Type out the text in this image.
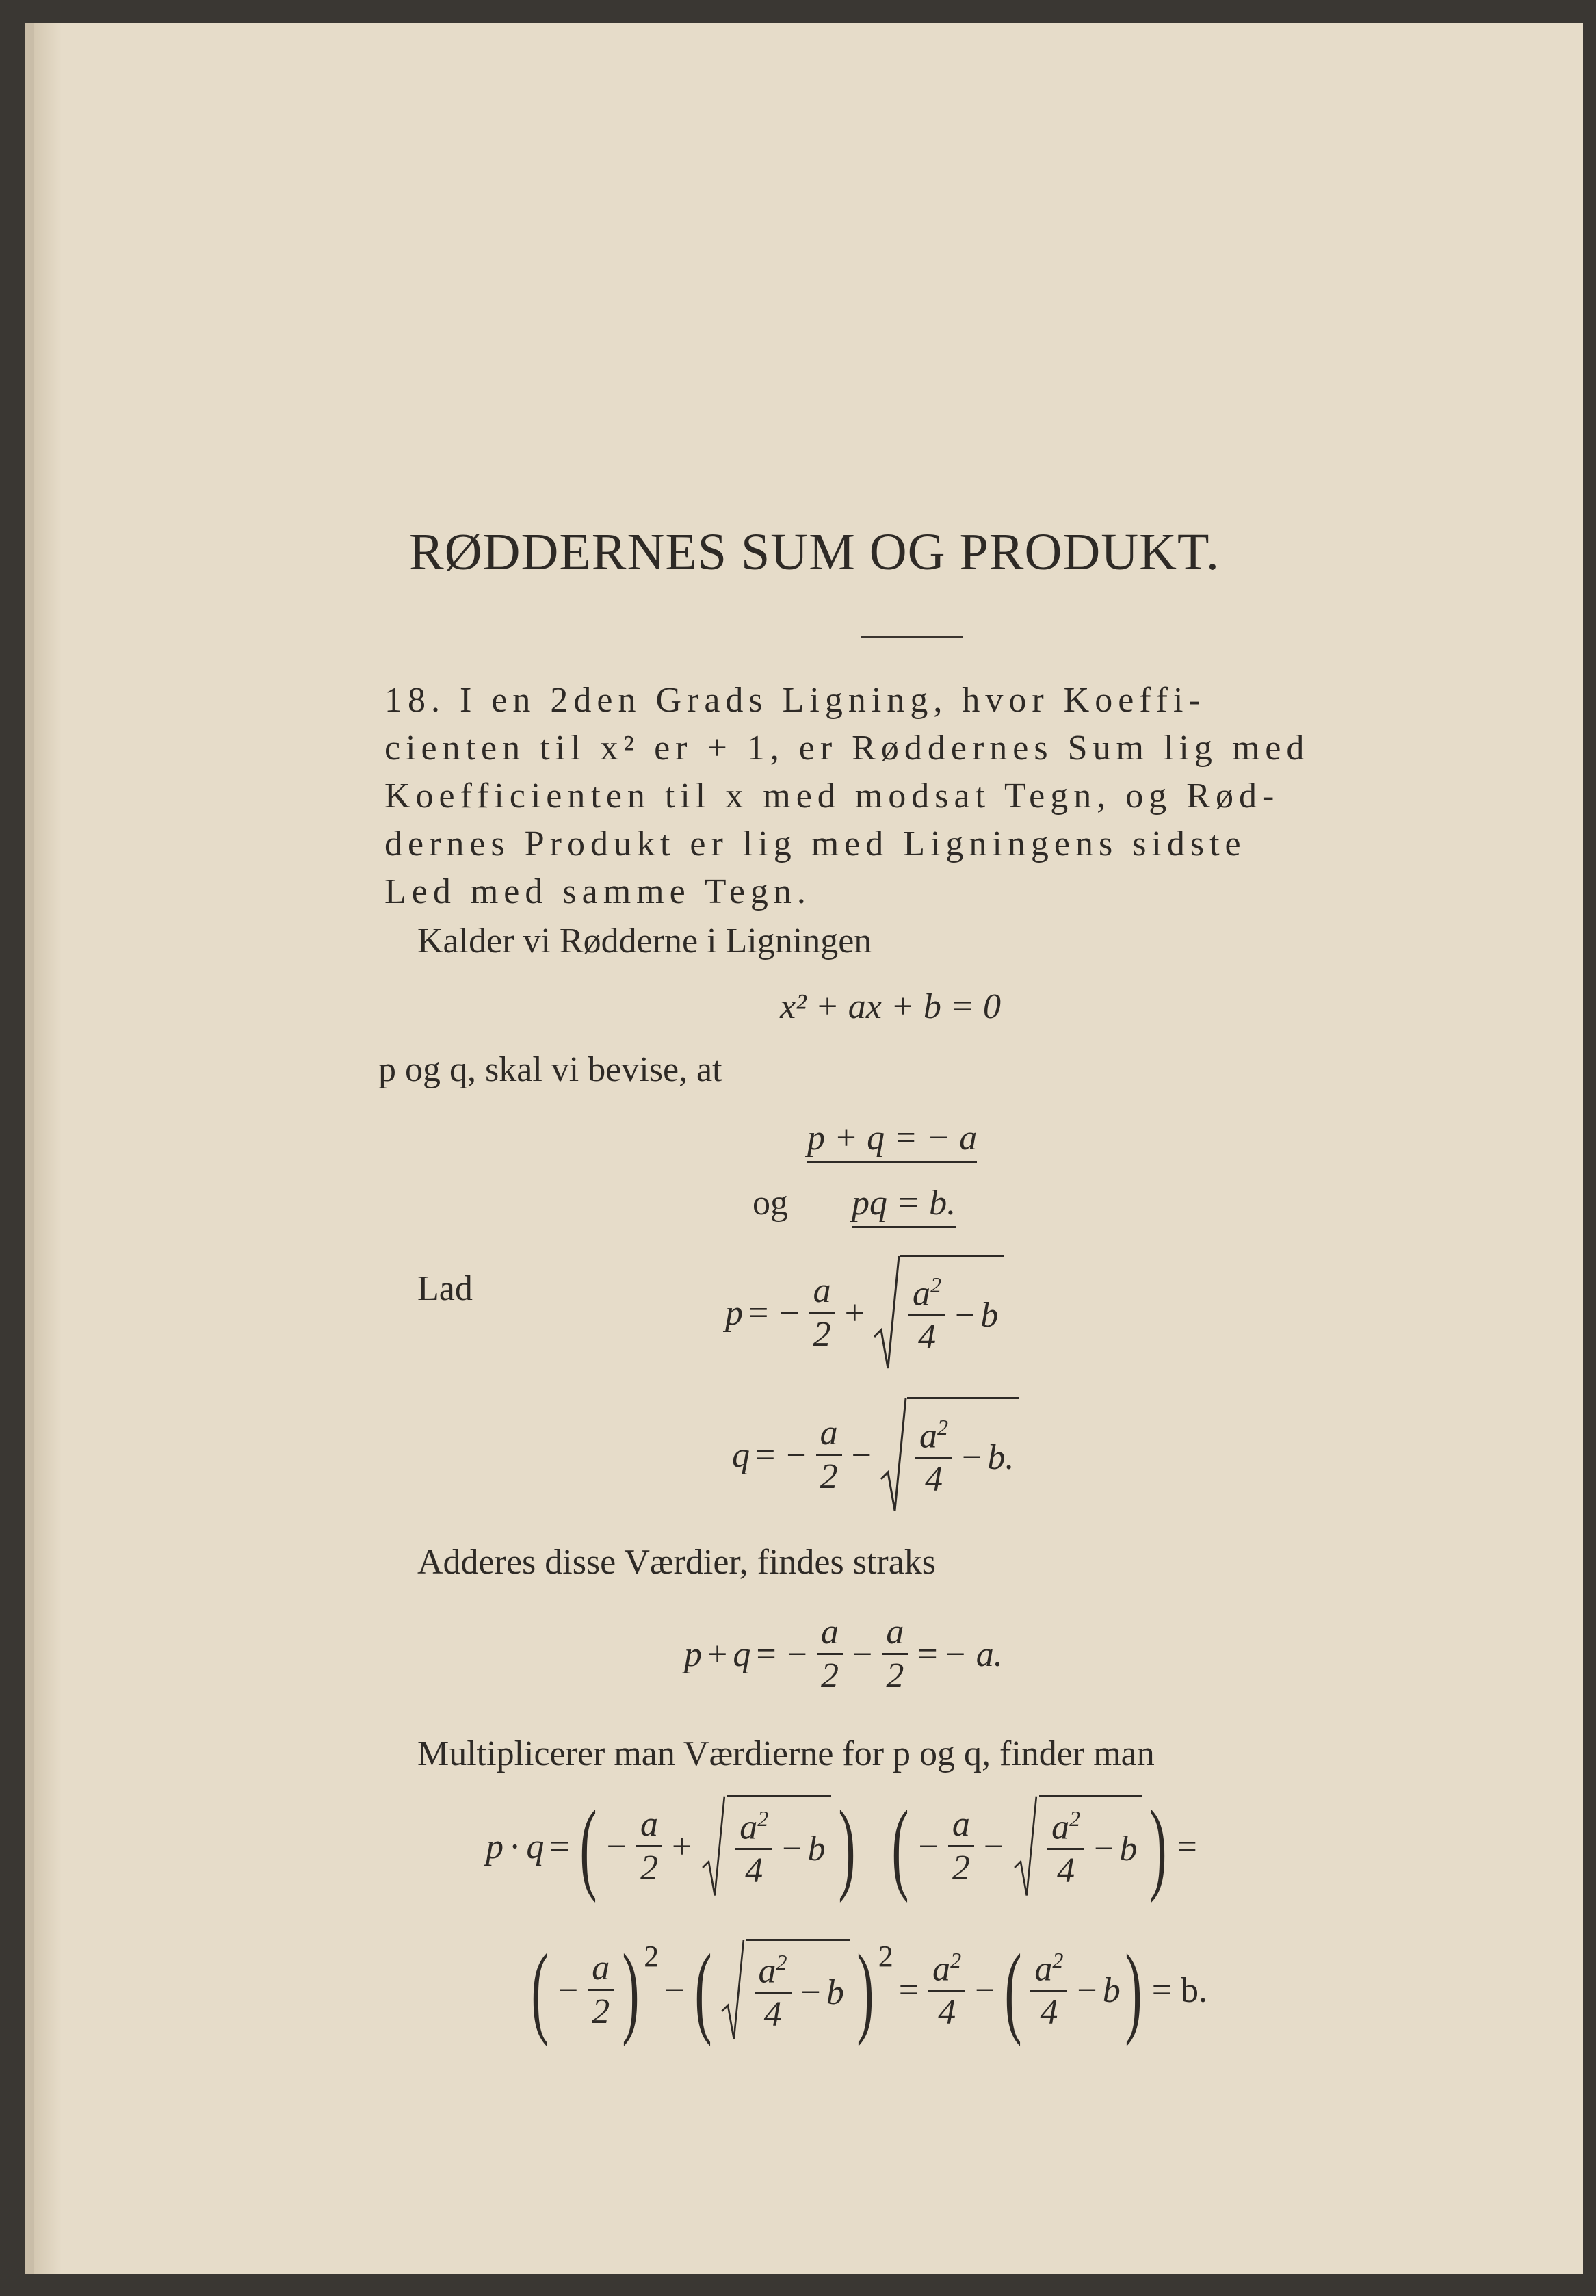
RØDDERNES SUM OG PRODUKT.
18. I en 2den Grads Ligning, hvor Koeffi-
cienten til x² er + 1, er Røddernes Sum lig med
Koefficienten til x med modsat Tegn, og Rød-
dernes Produkt er lig med Ligningens sidste
Led med samme Tegn.
Kalder vi Rødderne i Ligningen
x² + ax + b = 0
p og q, skal vi bevise, at
p + q = − a
og pq = b.
Lad
p = − $\frac{a}{2} + \frac{a^2}{4} - b$
q = − $\frac{a}{2} - \frac{a^2}{4} - b$.
Adderes disse Værdier, findes straks
p + q = − $\frac{a}{2} - \frac{a}{2}$ = − a.
Multiplicerer man Værdierne for p og q, finder man
p · q = ( − $\frac{a}{2} + \frac{a^2}{4} - b$ ) ( − $\frac{a}{2} - \frac{a^2}{4} - b$ ) =
( − $\frac{a}{2} )^2$
− ( $\frac{a^2}{4} - b$ )$^2$
= $\frac{a^2}{4}$ − ( $\frac{a^2}{4} - b$ ) = b.
